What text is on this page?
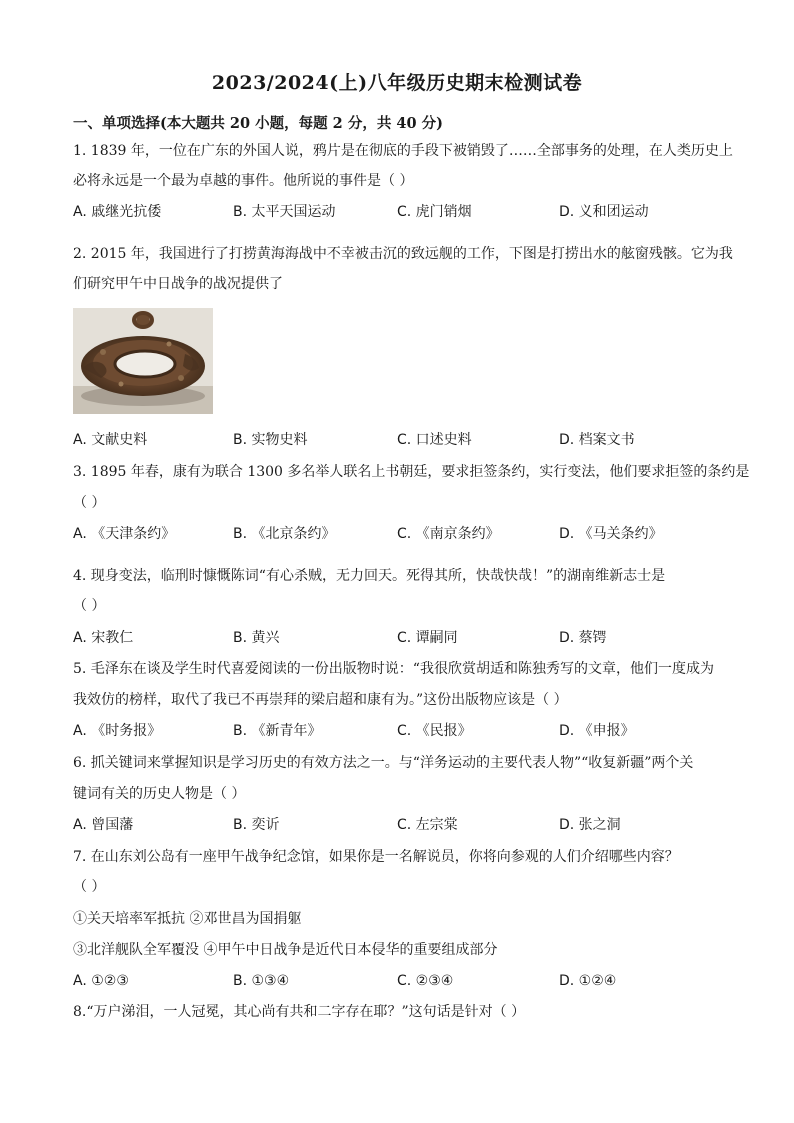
2023/2024(上)八年级历史期末检测试卷
一、单项选择(本大题共 20 小题，每题 2 分，共 40 分)
1. 1839 年，一位在广东的外国人说，鸦片是在彻底的手段下被销毁了……全部事务的处理，在人类历史上
必将永远是一个最为卓越的事件。他所说的事件是（ ）
A. 戚继光抗倭	B. 太平天国运动	C. 虎门销烟	D. 义和团运动
2. 2015 年，我国进行了打捞黄海海战中不幸被击沉的致远舰的工作，下图是打捞出水的舷窗残骸。它为我
们研究甲午中日战争的战况提供了
A. 文献史料	B. 实物史料	C. 口述史料	D. 档案文书
3. 1895 年春，康有为联合 1300 多名举人联名上书朝廷，要求拒签条约，实行变法，他们要求拒签的条约是
（ ）
A. 《天津条约》	B. 《北京条约》	C. 《南京条约》	D. 《马关条约》
4. 现身变法，临刑时慷慨陈词“有心杀贼，无力回天。死得其所，快哉快哉！”的湖南维新志士是
（ ）
A. 宋教仁	B. 黄兴	C. 谭嗣同	D. 蔡锷
5. 毛泽东在谈及学生时代喜爱阅读的一份出版物时说：“我很欣赏胡适和陈独秀写的文章，他们一度成为
我效仿的榜样，取代了我已不再崇拜的梁启超和康有为。”这份出版物应该是（ ）
A. 《时务报》	B. 《新青年》	C. 《民报》	D. 《申报》
6. 抓关键词来掌握知识是学习历史的有效方法之一。与“洋务运动的主要代表人物”“收复新疆”两个关
键词有关的历史人物是（ ）
A. 曾国藩	B. 奕䜣	C. 左宗棠	D. 张之洞
7. 在山东刘公岛有一座甲午战争纪念馆，如果你是一名解说员，你将向参观的人们介绍哪些内容？
（ ）
①关天培率军抵抗 ②邓世昌为国捐躯
③北洋舰队全军覆没 ④甲午中日战争是近代日本侵华的重要组成部分
A. ①②③	B. ①③④	C. ②③④	D. ①②④
8.“万户涕泪，一人冠冕，其心尚有共和二字存在耶？”这句话是针对（ ）
